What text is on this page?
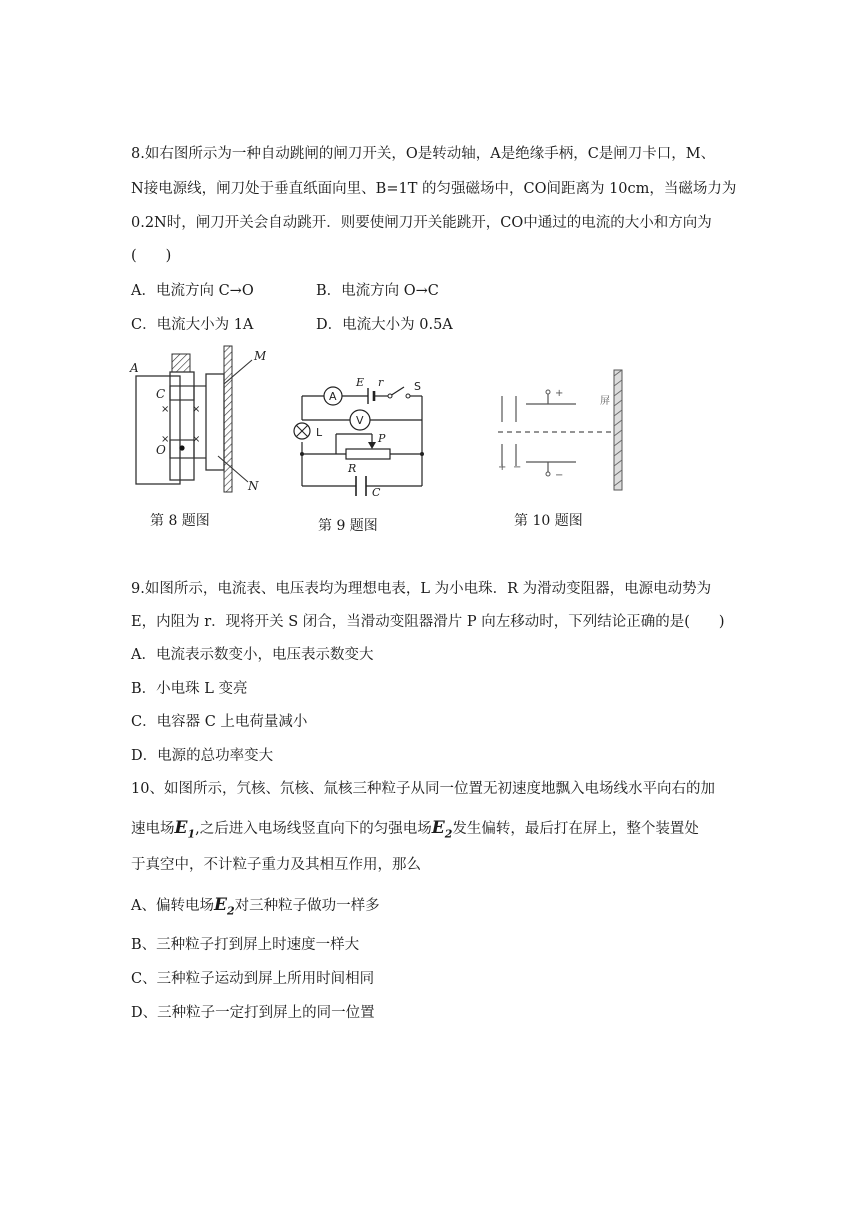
8.如右图所示为一种自动跳闸的闸刀开关，O是转动轴，A是绝缘手柄，C是闸刀卡口，M、
N接电源线，闸刀处于垂直纸面向里、B=1T 的匀强磁场中，CO间距离为 10cm，当磁场力为
0.2N时，闸刀开关会自动跳开．则要使闸刀开关能跳开，CO中通过的电流的大小和方向为
(　　)
A．电流方向 C→O	B．电流方向 O→C
C．电流大小为 1A	D．电流大小为 0.5A
A
C
O
M
N
× ×
× ×
第 8 题图
A
V
E r	S
L	P
R
C
第 9 题图
屏
+
−
+ −
第 10 题图
9.如图所示，电流表、电压表均为理想电表，L 为小电珠．R 为滑动变阻器，电源电动势为
E，内阻为 r．现将开关 S 闭合，当滑动变阻器滑片 P 向左移动时，下列结论正确的是(　　)
A．电流表示数变小，电压表示数变大
B．小电珠 L 变亮
C．电容器 C 上电荷量减小
D．电源的总功率变大
10、如图所示，氕核、氘核、氚核三种粒子从同一位置无初速度地飘入电场线水平向右的加
速电场$E_1$,之后进入电场线竖直向下的匀强电场$E_2$发生偏转，最后打在屏上，整个装置处
于真空中，不计粒子重力及其相互作用，那么
A、偏转电场$E_2$对三种粒子做功一样多
B、三种粒子打到屏上时速度一样大
C、三种粒子运动到屏上所用时间相同
D、三种粒子一定打到屏上的同一位置
